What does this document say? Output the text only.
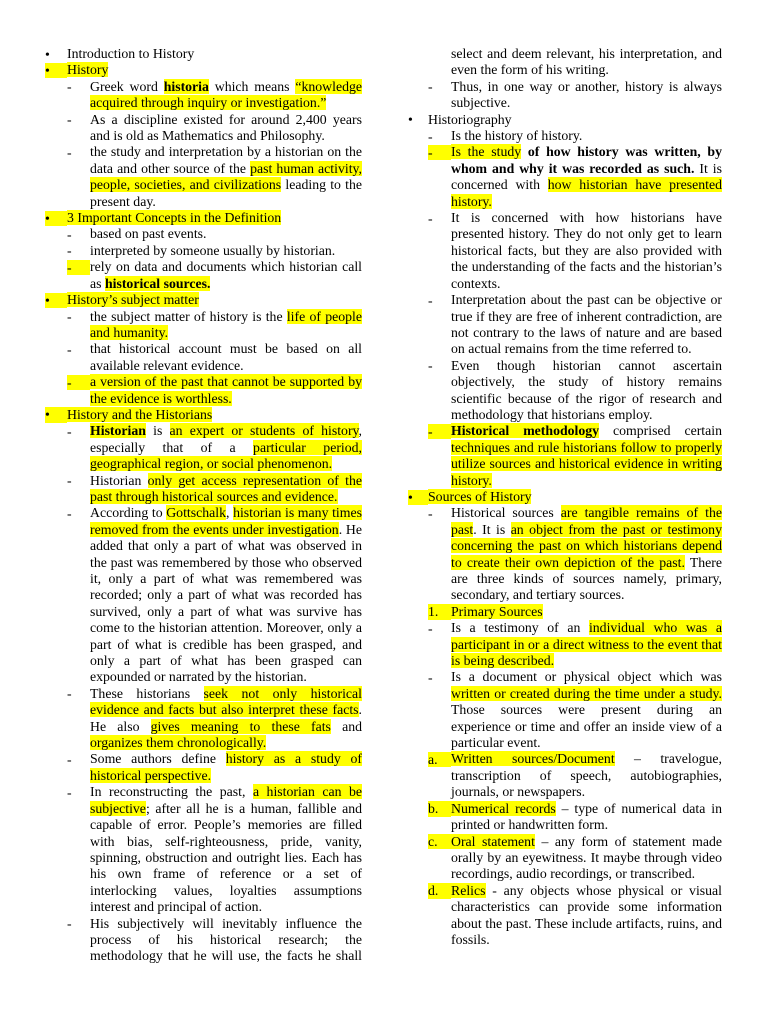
•	Introduction to History
•	History
-	Greek word historia which means “knowledge acquired through inquiry or investigation.”
-	As a discipline existed for around 2,400 years and is old as Mathematics and Philosophy.
-	the study and interpretation by a historian on the data and other source of the past human activity, people, societies, and civilizations leading to the present day.
•	3 Important Concepts in the Definition
-	based on past events.
-	interpreted by someone usually by historian.
-	rely on data and documents which historian call as historical sources.
•	History’s subject matter
-	the subject matter of history is the life of people and humanity.
-	that historical account must be based on all available relevant evidence.
-	a version of the past that cannot be supported by the evidence is worthless.
•	History and the Historians
-	Historian is an expert or students of history, especially that of a particular period, geographical region, or social phenomenon.
-	Historian only get access representation of the past through historical sources and evidence.
-	According to Gottschalk, historian is many times removed from the events under investigation. He added that only a part of what was observed in the past was remembered by those who observed it, only a part of what was remembered was recorded; only a part of what was recorded has survived, only a part of what was survive has come to the historian attention. Moreover, only a part of what is credible has been grasped, and only a part of what has been grasped can expounded or narrated by the historian.
-	These historians seek not only historical evidence and facts but also interpret these facts. He also gives meaning to these fats and organizes them chronologically.
-	Some authors define history as a study of historical perspective.
-	In reconstructing the past, a historian can be subjective; after all he is a human, fallible and capable of error. People’s memories are filled with bias, self-righteousness, pride, vanity, spinning, obstruction and outright lies. Each has his own frame of reference or a set of interlocking values, loyalties assumptions interest and principal of action.
-	His subjectively will inevitably influence the process of his historical research; the methodology that he will use, the facts he shall
select and deem relevant, his interpretation, and even the form of his writing.
-	Thus, in one way or another, history is always subjective.
•	Historiography
-	Is the history of history.
-	Is the study of how history was written, by whom and why it was recorded as such. It is concerned with how historian have presented history.
-	It is concerned with how historians have presented history. They do not only get to learn historical facts, but they are also provided with the understanding of the facts and the historian’s contexts.
-	Interpretation about the past can be objective or true if they are free of inherent contradiction, are not contrary to the laws of nature and are based on actual remains from the time referred to.
-	Even though historian cannot ascertain objectively, the study of history remains scientific because of the rigor of research and methodology that historians employ.
-	Historical methodology comprised certain techniques and rule historians follow to properly utilize sources and historical evidence in writing history.
•	Sources of History
-	Historical sources are tangible remains of the past. It is an object from the past or testimony concerning the past on which historians depend to create their own depiction of the past. There are three kinds of sources namely, primary, secondary, and tertiary sources.
1. Primary Sources
-	Is a testimony of an individual who was a participant in or a direct witness to the event that is being described.
-	Is a document or physical object which was written or created during the time under a study. Those sources were present during an experience or time and offer an inside view of a particular event.
a. Written sources/Document – travelogue, transcription of speech, autobiographies, journals, or newspapers.
b. Numerical records – type of numerical data in printed or handwritten form.
c. Oral statement – any form of statement made orally by an eyewitness. It maybe through video recordings, audio recordings, or transcribed.
d. Relics - any objects whose physical or visual characteristics can provide some information about the past. These include artifacts, ruins, and fossils.
